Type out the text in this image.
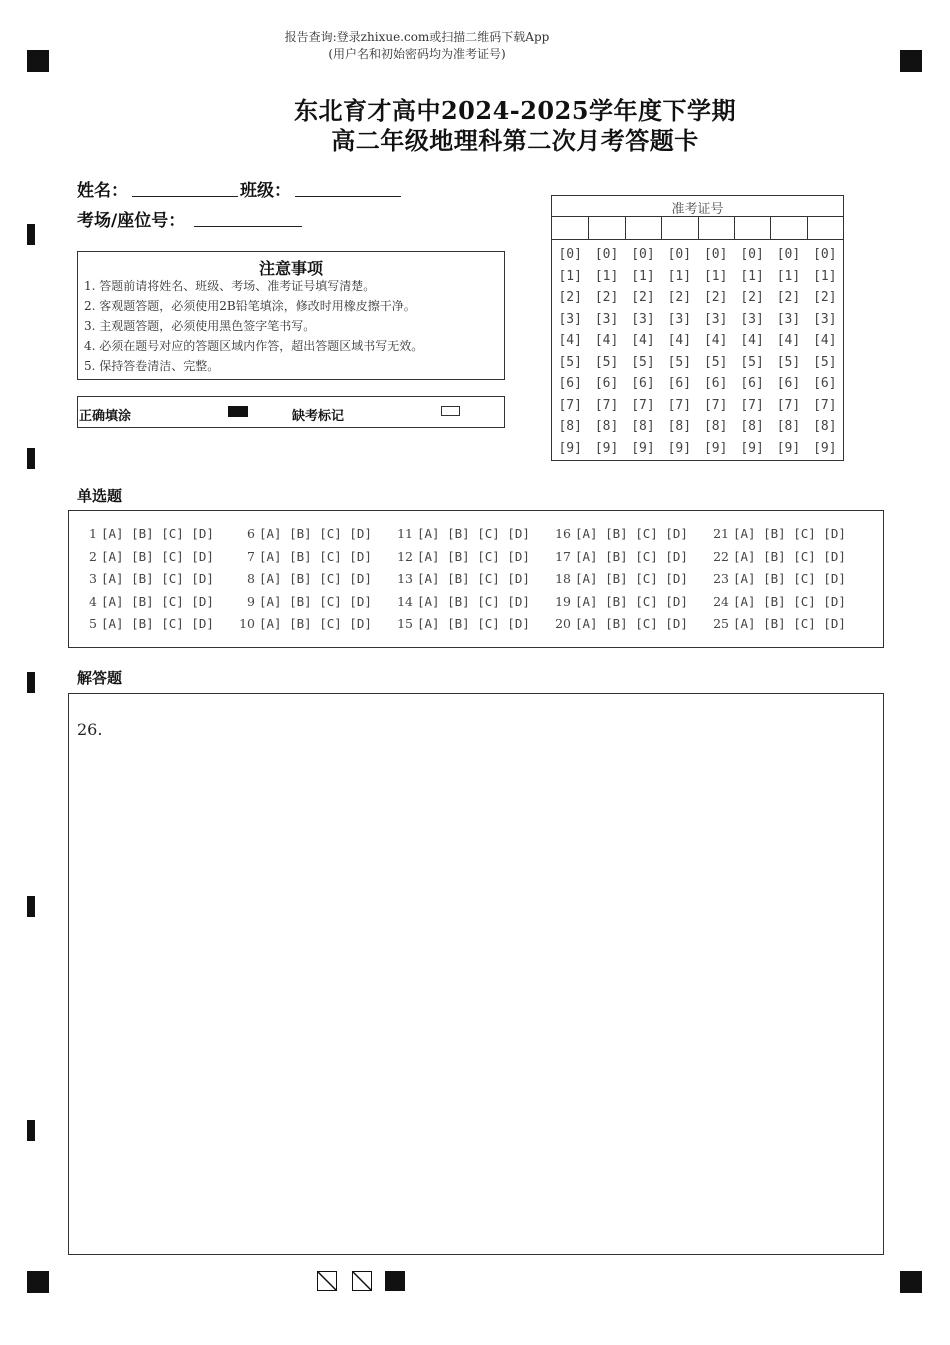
报告查询:登录zhixue.com或扫描二维码下载App
(用户名和初始密码均为准考证号)
东北育才高中2024-2025学年度下学期
高二年级地理科第二次月考答题卡
姓名：	班级：
考场/座位号：
注意事项
1. 答题前请将姓名、班级、考场、准考证号填写清楚。
2. 客观题答题，必须使用2B铅笔填涂，修改时用橡皮擦干净。
3. 主观题答题，必须使用黑色签字笔书写。
4. 必须在题号对应的答题区域内作答，超出答题区域书写无效。
5. 保持答卷清洁、完整。
正确填涂	缺考标记
准考证号
[0] [0] [0] [0] [0] [0] [0] [0]
[1] [1] [1] [1] [1] [1] [1] [1]
[2] [2] [2] [2] [2] [2] [2] [2]
[3] [3] [3] [3] [3] [3] [3] [3]
[4] [4] [4] [4] [4] [4] [4] [4]
[5] [5] [5] [5] [5] [5] [5] [5]
[6] [6] [6] [6] [6] [6] [6] [6]
[7] [7] [7] [7] [7] [7] [7] [7]
[8] [8] [8] [8] [8] [8] [8] [8]
[9] [9] [9] [9] [9] [9] [9] [9]
单选题
1 [A] [B] [C] [D]
2 [A] [B] [C] [D]
3 [A] [B] [C] [D]
4 [A] [B] [C] [D]
5 [A] [B] [C] [D]
6 [A] [B] [C] [D]
7 [A] [B] [C] [D]
8 [A] [B] [C] [D]
9 [A] [B] [C] [D]
10 [A] [B] [C] [D]
11 [A] [B] [C] [D]
12 [A] [B] [C] [D]
13 [A] [B] [C] [D]
14 [A] [B] [C] [D]
15 [A] [B] [C] [D]
16 [A] [B] [C] [D]
17 [A] [B] [C] [D]
18 [A] [B] [C] [D]
19 [A] [B] [C] [D]
20 [A] [B] [C] [D]
21 [A] [B] [C] [D]
22 [A] [B] [C] [D]
23 [A] [B] [C] [D]
24 [A] [B] [C] [D]
25 [A] [B] [C] [D]
解答题
26.
